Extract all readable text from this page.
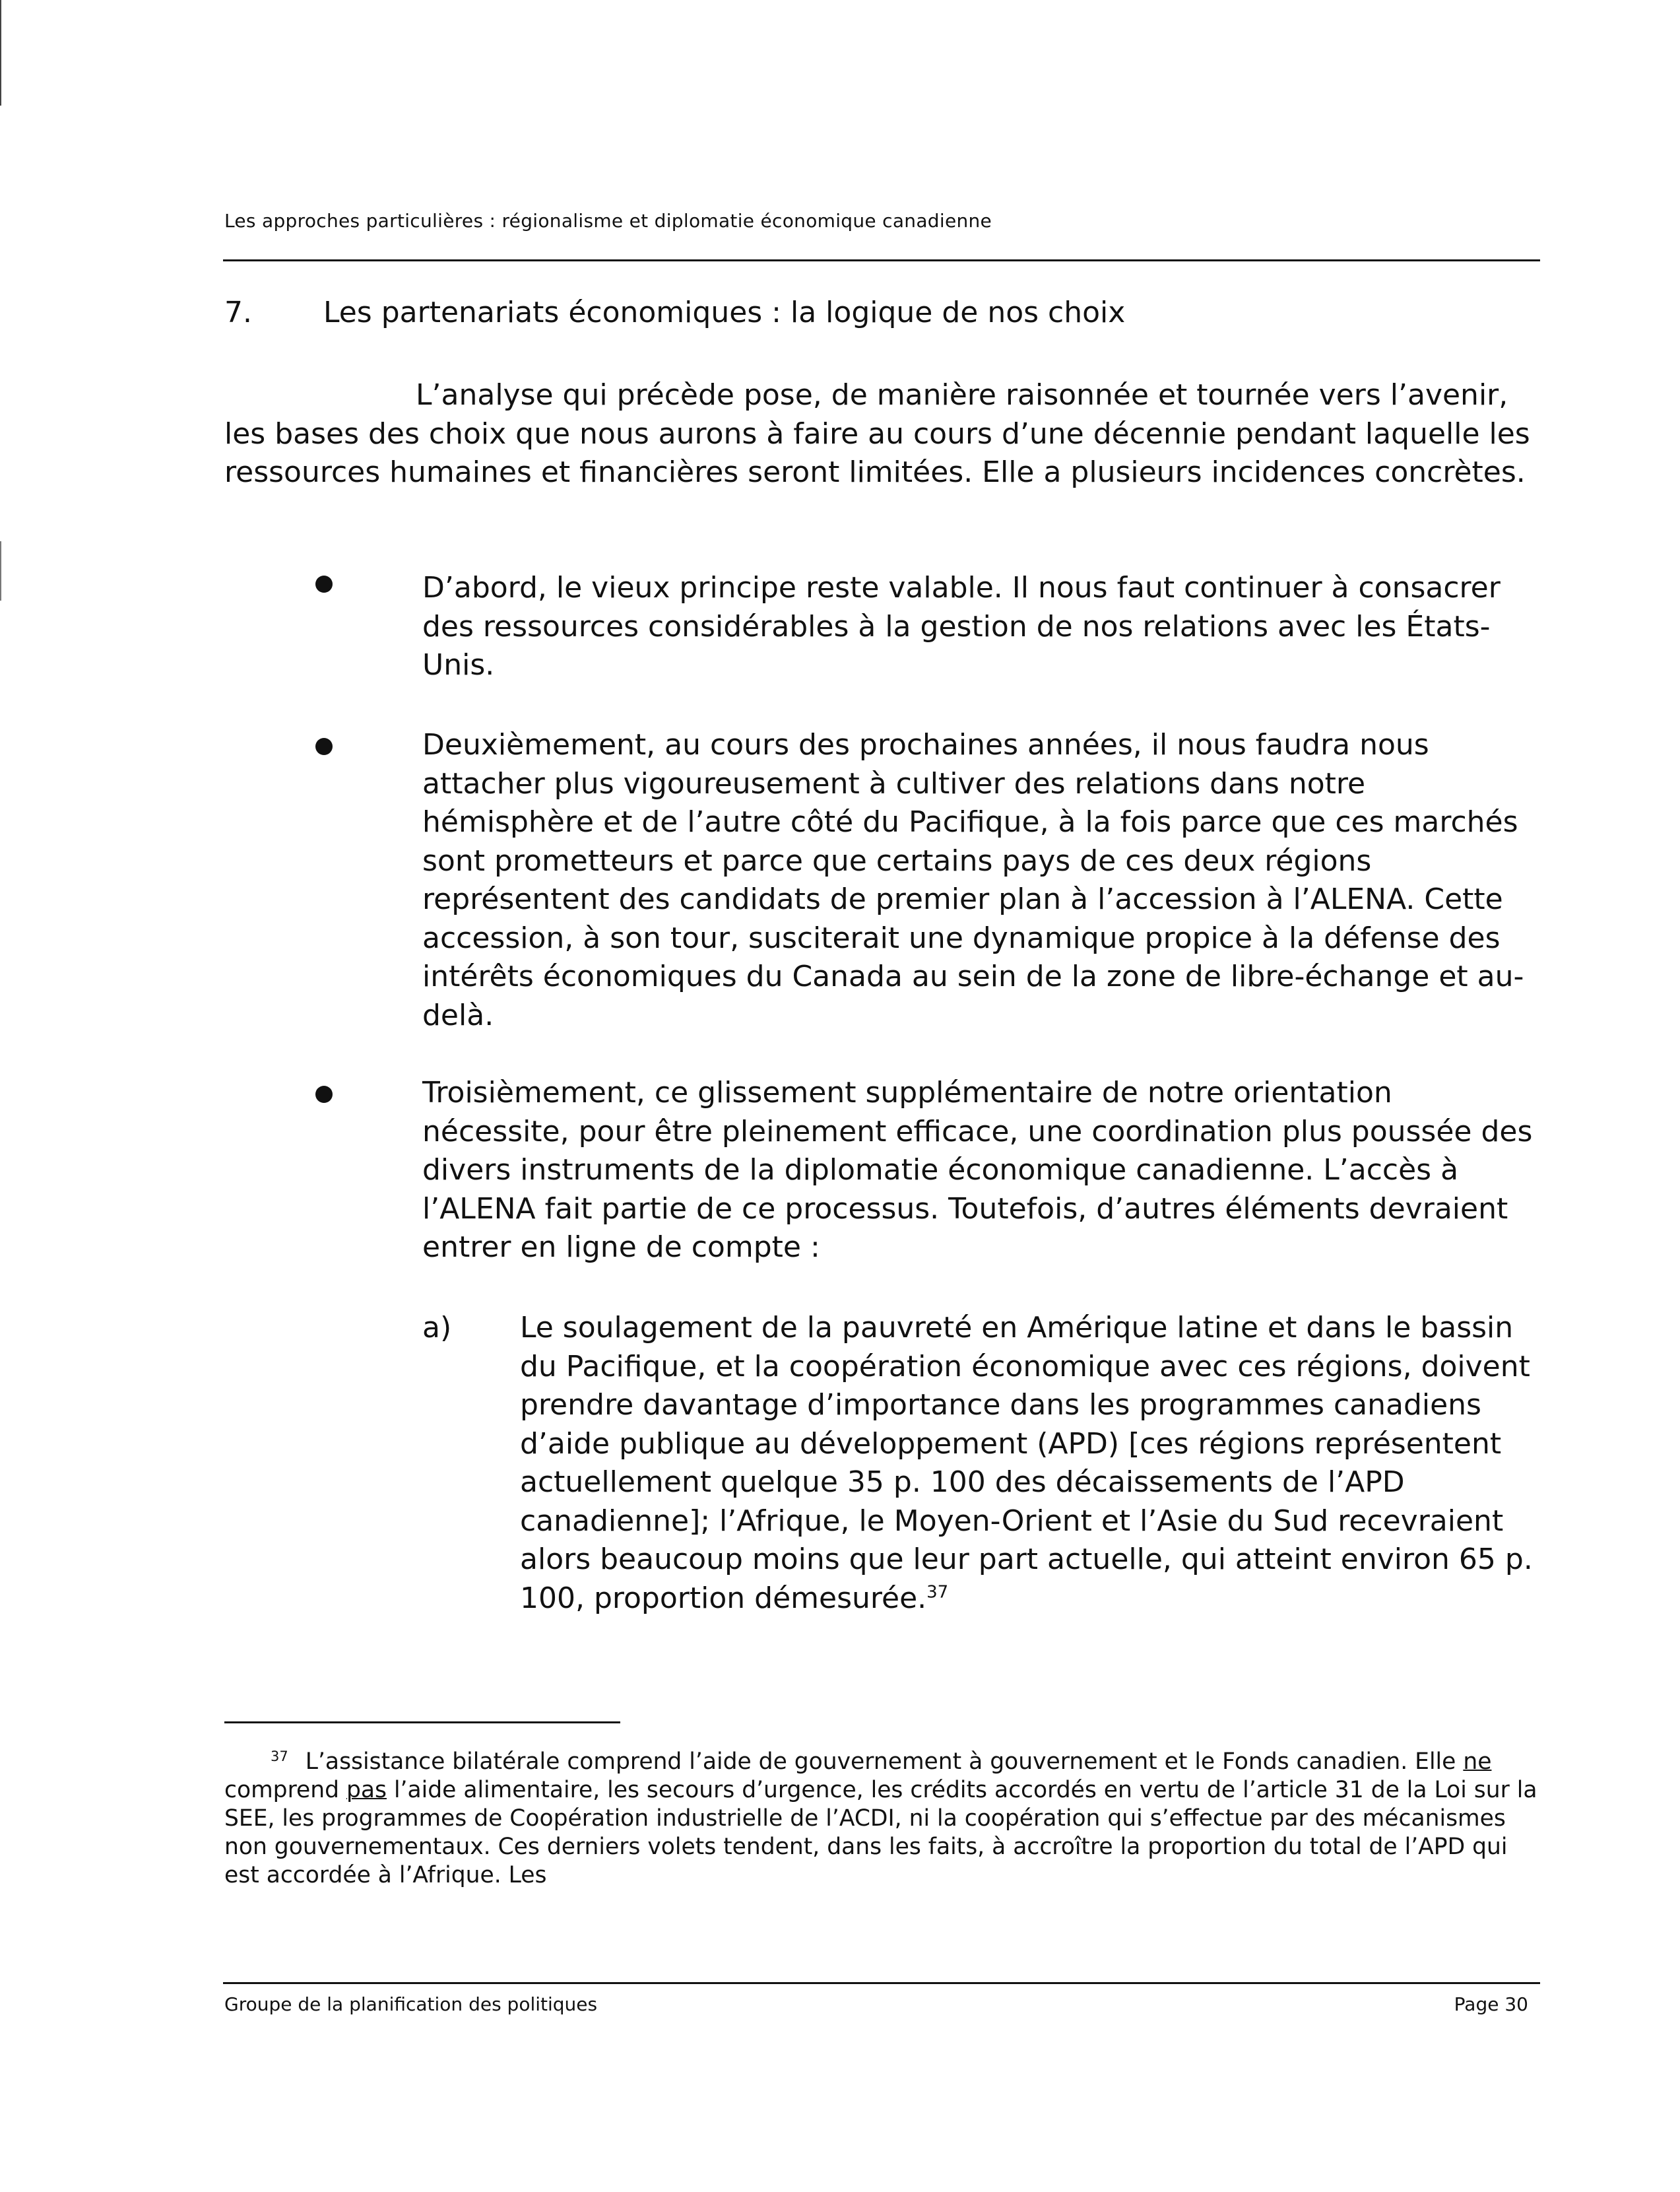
Les approches particulières : régionalisme et diplomatie économique canadienne
7.	Les partenariats économiques : la logique de nos choix
L’analyse qui précède pose, de manière raisonnée et tournée vers l’avenir, les bases des choix que nous aurons à faire au cours d’une décennie pendant laquelle les ressources humaines et financières seront limitées. Elle a plusieurs incidences concrètes.
D’abord, le vieux principe reste valable. Il nous faut continuer à consacrer des ressources considérables à la gestion de nos relations avec les États-Unis.
Deuxièmement, au cours des prochaines années, il nous faudra nous attacher plus vigoureusement à cultiver des relations dans notre hémisphère et de l’autre côté du Pacifique, à la fois parce que ces marchés sont prometteurs et parce que certains pays de ces deux régions représentent des candidats de premier plan à l’accession à l’ALENA. Cette accession, à son tour, susciterait une dynamique propice à la défense des intérêts économiques du Canada au sein de la zone de libre-échange et au-delà.
Troisièmement, ce glissement supplémentaire de notre orientation nécessite, pour être pleinement efficace, une coordination plus poussée des divers instruments de la diplomatie économique canadienne. L’accès à l’ALENA fait partie de ce processus. Toutefois, d’autres éléments devraient entrer en ligne de compte :
a) Le soulagement de la pauvreté en Amérique latine et dans le bassin du Pacifique, et la coopération économique avec ces régions, doivent prendre davantage d’importance dans les programmes canadiens d’aide publique au développement (APD) [ces régions représentent actuellement quelque 35 p. 100 des décaissements de l’APD canadienne]; l’Afrique, le Moyen-Orient et l’Asie du Sud recevraient alors beaucoup moins que leur part actuelle, qui atteint environ 65 p. 100, proportion démesurée.$^{37}$
$^{37}$ L’assistance bilatérale comprend l’aide de gouvernement à gouvernement et le Fonds canadien. Elle ne comprend pas l’aide alimentaire, les secours d’urgence, les crédits accordés en vertu de l’article 31 de la Loi sur la SEE, les programmes de Coopération industrielle de l’ACDI, ni la coopération qui s’effectue par des mécanismes non gouvernementaux. Ces derniers volets tendent, dans les faits, à accroître la proportion du total de l’APD qui est accordée à l’Afrique. Les
Groupe de la planification des politiques	Page 30
